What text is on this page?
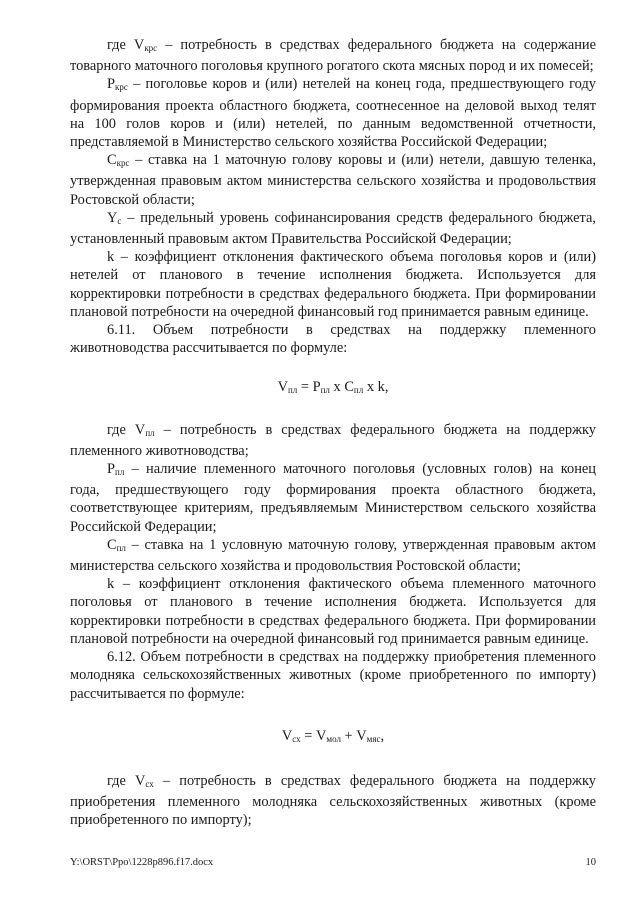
где $V_{крс}$ – потребность в средствах федерального бюджета на содержание товарного маточного поголовья крупного рогатого скота мясных пород и их помесей;

$P_{крс}$ – поголовье коров и (или) нетелей на конец года, предшествующего году формирования проекта областного бюджета, соотнесенное на деловой выход телят на 100 голов коров и (или) нетелей, по данным ведомственной отчетности, представляемой в Министерство сельского хозяйства Российской Федерации;

$C_{крс}$ – ставка на 1 маточную голову коровы и (или) нетели, давшую теленка, утвержденная правовым актом министерства сельского хозяйства и продовольствия Ростовской области;

$Y_с$ – предельный уровень софинансирования средств федерального бюджета, установленный правовым актом Правительства Российской Федерации;

k – коэффициент отклонения фактического объема поголовья коров и (или) нетелей от планового в течение исполнения бюджета. Используется для корректировки потребности в средствах федерального бюджета. При формировании плановой потребности на очередной финансовый год принимается равным единице.

6.11. Объем потребности в средствах на поддержку племенного животноводства рассчитывается по формуле:

$V_{пл} = P_{пл}$ x $C_{пл}$ x k,

где $V_{пл}$ – потребность в средствах федерального бюджета на поддержку племенного животноводства;

$P_{пл}$ – наличие племенного маточного поголовья (условных голов) на конец года, предшествующего году формирования проекта областного бюджета, соответствующее критериям, предъявляемым Министерством сельского хозяйства Российской Федерации;

$C_{пл}$ – ставка на 1 условную маточную голову, утвержденная правовым актом министерства сельского хозяйства и продовольствия Ростовской области;

k – коэффициент отклонения фактического объема племенного маточного поголовья от планового в течение исполнения бюджета. Используется для корректировки потребности в средствах федерального бюджета. При формировании плановой потребности на очередной финансовый год принимается равным единице.

6.12. Объем потребности в средствах на поддержку приобретения племенного молодняка сельскохозяйственных животных (кроме приобретенного по импорту) рассчитывается по формуле:

$V_{сх} = V_{мол} + V_{мяс}$,

где $V_{сх}$ – потребность в средствах федерального бюджета на поддержку приобретения племенного молодняка сельскохозяйственных животных (кроме приобретенного по импорту);

Y:\ORST\Ppo\1228p896.f17.docx	10
